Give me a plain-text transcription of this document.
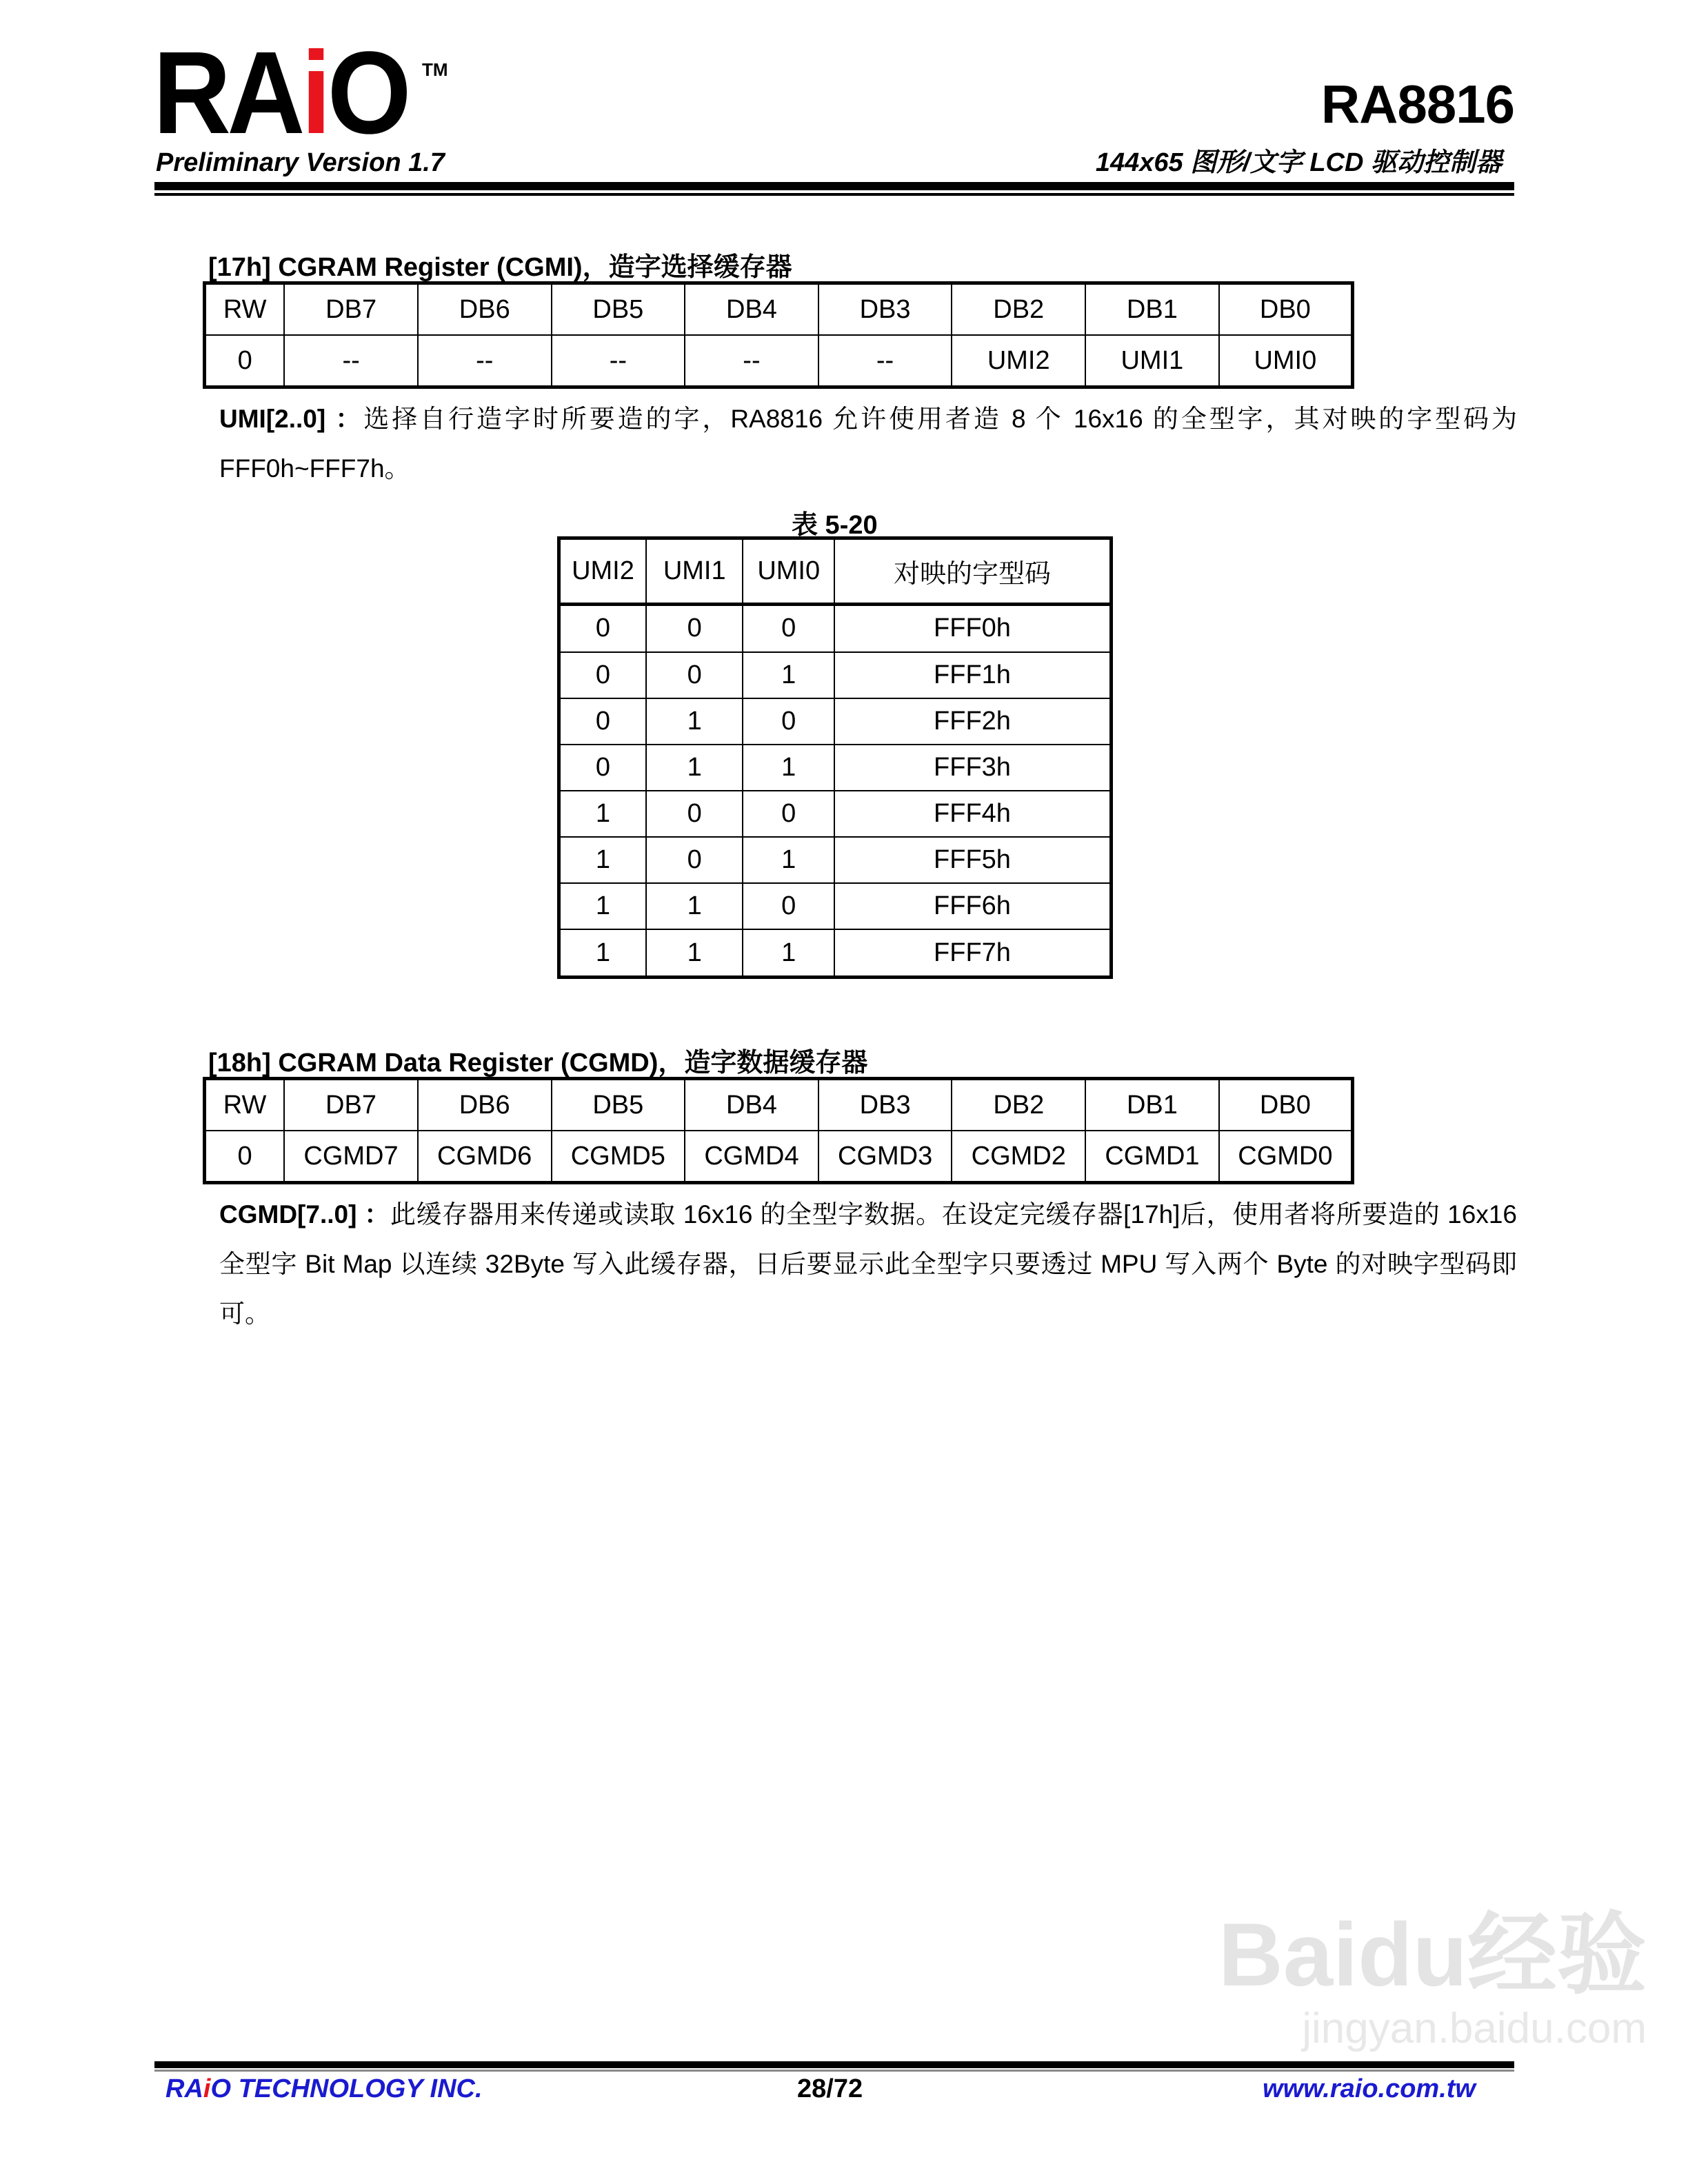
Baidu经验
jingyan.baidu.com
RAiO TM
RA8816
Preliminary Version 1.7	144x65 图形/文字 LCD 驱动控制器
[17h] CGRAM Register (CGMI)，造字选择缓存器
RW	DB7	DB6	DB5	DB4	DB3	DB2	DB1	DB0
0	--	--	--	--	--	UMI2	UMI1	UMI0
UMI[2..0] ：选择自行造字时所要造的字，RA8816 允许使用者造 8 个 16x16 的全型字，其对映的字型码为 FFF0h~FFF7h。
表 5-20
UMI2	UMI1	UMI0	对映的字型码
0	0	0	FFF0h
0	0	1	FFF1h
0	1	0	FFF2h
0	1	1	FFF3h
1	0	0	FFF4h
1	0	1	FFF5h
1	1	0	FFF6h
1	1	1	FFF7h
[18h] CGRAM Data Register (CGMD)，造字数据缓存器
RW	DB7	DB6	DB5	DB4	DB3	DB2	DB1	DB0
0	CGMD7	CGMD6	CGMD5	CGMD4	CGMD3	CGMD2	CGMD1	CGMD0
CGMD[7..0] ：此缓存器用来传递或读取 16x16 的全型字数据。在设定完缓存器[17h]后，使用者将所要造的 16x16 全型字 Bit Map 以连续 32Byte 写入此缓存器，日后要显示此全型字只要透过 MPU 写入两个 Byte 的对映字型码即可。
RAiO TECHNOLOGY INC.	28/72	www.raio.com.tw
